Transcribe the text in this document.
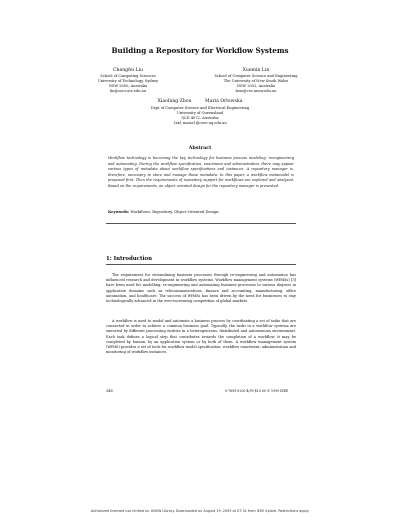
Building a Repository for Workflow Systems
Chengfei Liu
School of Computing Sciences
University of Technology, Sydney
NSW 2000, Australia
liu@socs.uts.edu.au
Xuemin Lin
School of Computer Science and Engineering
The University of New South Wales
NSW 2052, Australia
lxue@cse.unsw.edu.au
Xiaofang Zhou	Maria Orlowska
Dept of Computer Science and Electrical Engineering
University of Queensland
QLD 4072, Australia
{zxf, maria}@csee.uq.edu.au
Abstract
Workflow technology is becoming the key technology for business process modeling, reengineering and automating. During the workflow specification, enactment and administration, there may appear various types of metadata about workflow specifications and instances. A repository manager is, therefore, necessary to store and manage these metadata. In this paper, a workflow metamodel is proposed first. Then the requirements of repository support for workflows are explored and analyzed. Based on the requirements, an object oriented design for the repository manager is presented.
Keywords: Workflows, Repository, Object-Oriented Design.
1: Introduction
The requirement for streamlining business processes through re-engineering and automation has influenced research and development in workflow systems. Workflow management systems (WfMSs) [3] have been used for modelling, re-engineering and automating business processes to various degrees in application domains such as telecommunications, finance and accounting, manufacturing, office automation, and healthcare. The success of WfMSs has been driven by the need for businesses to stay technologically advanced in the ever-increasing competition of global markets.
A workflow is used to model and automate a business process by coordinating a set of tasks that are connected in order to achieve a common business goal. Typically, the tasks in a workflow systems are executed by different processing entities in a heterogeneous, distributed and autonomous environment. Each task defines a logical step that contributes towards the completion of a workflow, it may be completed by human, by an application system or by both of them. A workflow management system (WfMS) provides a set of tools for workflow model specification, workflow enactment, administration and monitoring of workflow instances.
348	0-7695-0200-4/99 $10.00 © 1999 IEEE
Authorized licensed use limited to: UNSW Library. Downloaded on August 19, 2009 at 07:32 from IEEE Xplore. Restrictions apply.
